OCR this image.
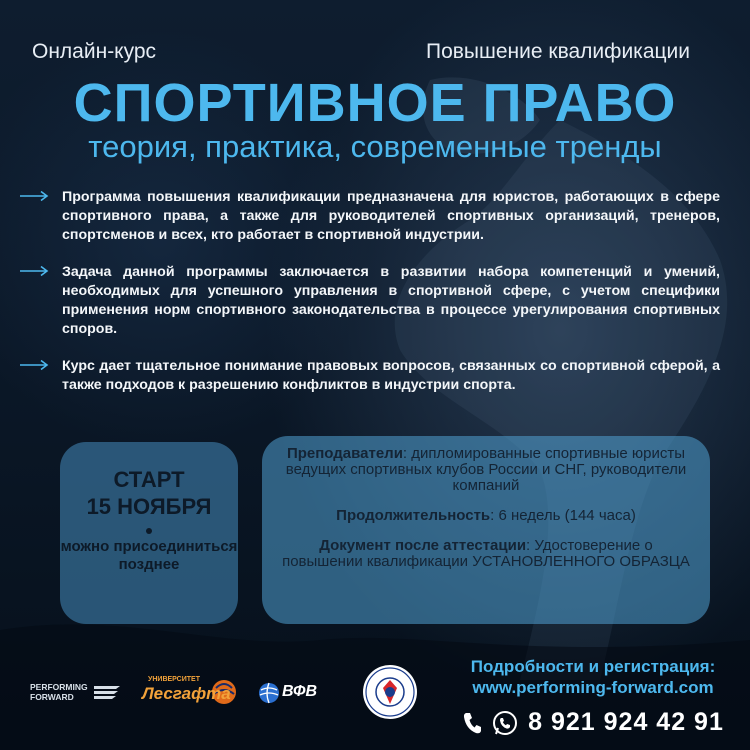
Онлайн-курс	Повышение квалификации
СПОРТИВНОЕ ПРАВО
теория, практика, современные тренды

Программа повышения квалификации предназначена для юристов, работающих в сфере спортивного права, а также для руководителей спортивных организаций, тренеров, спортсменов и всех, кто работает в спортивной индустрии.

Задача данной программы заключается в развитии набора компетенций и умений, необходимых для успешного управления в спортивной сфере, с учетом специфики применения норм спортивного законодательства в процессе урегулирования спортивных споров.

Курс дает тщательное понимание правовых вопросов, связанных со спортивной сферой, а также подходов к разрешению конфликтов в индустрии спорта.

СТАРТ
15 НОЯБРЯ
можно присоединиться позднее
Преподаватели: дипломированные спортивные юристы ведущих спортивных клубов России и СНГ, руководители компаний
Продолжительность: 6 недель (144 часа)
Документ после аттестации: Удостоверение о повышении квалификации УСТАНОВЛЕННОГО ОБРАЗЦА
PERFORMING
FORWARD
УНИВЕРСИТЕТ
Лесгафта	ВФВ
Подробности и регистрация:
www.performing-forward.com
8 921 924 42 91
